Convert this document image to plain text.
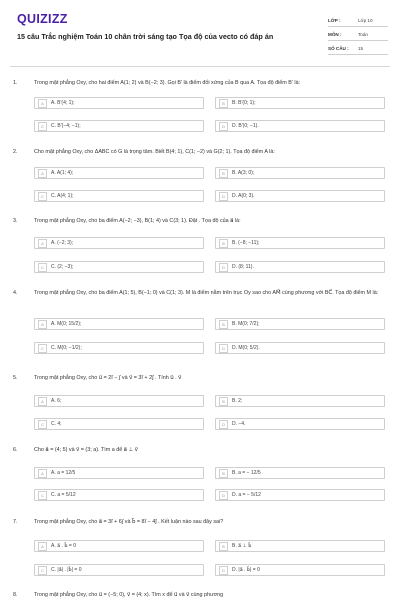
QUIZIZZ
15 câu Trắc nghiệm Toán 10 chân trời sáng tạo Tọa độ của vecto có đáp án
LỚP :	Lớp 10
MÔN :	Toán
SỐ CÂU :	15
1.	Trong mặt phẳng Oxy, cho hai điểm A(1; 2) và B(−2; 3). Gọi B' là điểm đối xứng của B qua A. Tọa độ điểm B' là:
A	A. B'(4; 1);	B	B. B'(0; 1);
C	C. B'(−4; −1);	D	D. B'(0; −1).
2.	Cho mặt phẳng Oxy, cho ΔABC có G là trọng tâm. Biết B(4; 1), C(1; −2) và G(2; 1). Tọa độ điểm A là:
A	A. A(1; 4);	B	B. A(3; 0);
C	C. A(4; 1);	D	D. A(0; 3).
3.	Trong mặt phẳng Oxy, cho ba điểm A(−2; −3), B(1; 4) và C(3; 1). Đặt . Tọa độ của a⃗ là:
A	A. (−2; 3);	B	B. (−8; −11);
C	C. (2; −3);	D	D. (8; 11).
4.	Trong mặt phẳng Oxy, cho ba điểm A(1; 5), B(−1; 0) và C(1; 3). M là điểm nằm trên trục Oy sao cho AM⃗ cùng phương với BC⃗. Tọa độ điểm M là:
A	A. M(0; 15/2);	B	B. M(0; 7/2);
C	C. M(0; −1/2);	D	D. M(0; 5/2).
5.	Trong mặt phẳng Oxy, cho u⃗ = 2i⃗ − j⃗ và v⃗ = 3i⃗ + 2j⃗ . Tính u⃗ . v⃗
A	A. 6;	B	B. 2;
C	C. 4;	D	D. −4.
6.	Cho a⃗ = (4; 5) và v⃗ = (3; a). Tìm a để a⃗ ⊥ v⃗
A	A. a = 12/5	B	B. a = − 12/5
C	C. a = 5/12	D	D. a = − 5/12
7.	Trong mặt phẳng Oxy, cho a⃗ = 3i⃗ + 6j⃗ và b⃗ = 8i⃗ − 4j⃗ . Kết luận nào sau đây sai?
A	A. a⃗ . b⃗ = 0	B	B. a⃗ ⊥ b⃗
C	C. |a⃗| . |b⃗| = 0	D	D. |a⃗ . b⃗| = 0
8.	Trong mặt phẳng Oxy, cho u⃗ = (−5; 0), v⃗ = (4; x). Tìm x để u⃗ và v⃗ cùng phương
